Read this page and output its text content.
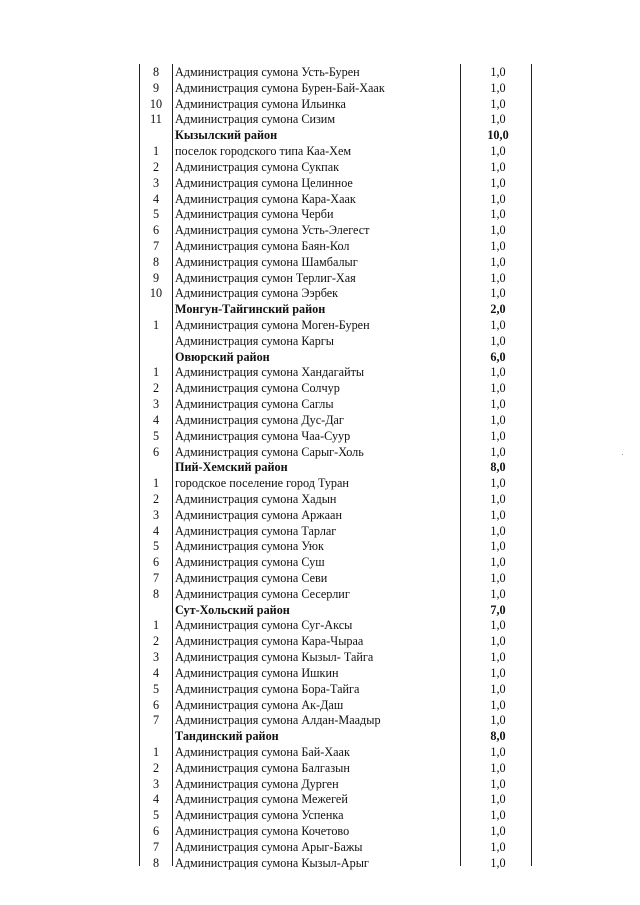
8	Администрация сумона Усть-Бурен	1,0
9	Администрация сумона Бурен-Бай-Хаак	1,0
10	Администрация сумона Ильинка	1,0
11	Администрация сумона Сизим	1,0
Кызылский район	10,0
1	поселок городского типа Каа-Хем	1,0
2	Администрация сумона Сукпак	1,0
3	Администрация сумона Целинное	1,0
4	Администрация сумона Кара-Хаак	1,0
5	Администрация сумона Черби	1,0
6	Администрация сумона Усть-Элегест	1,0
7	Администрация сумона Баян-Кол	1,0
8	Администрация сумона Шамбалыг	1,0
9	Администрация сумон Терлиг-Хая	1,0
10	Администрация сумона Ээрбек	1,0
Монгун-Тайгинский район	2,0
1	Администрация сумона Моген-Бурен	1,0
Администрация сумона Каргы	1,0
Овюрский район	6,0
1	Администрация сумона Хандагайты	1,0
2	Администрация сумона Солчур	1,0
3	Администрация сумона Саглы	1,0
4	Администрация сумона Дус-Даг	1,0
5	Администрация сумона Чаа-Суур	1,0
6	Администрация сумона Сарыг-Холь	1,0
Пий-Хемский район	8,0
1	городское поселение город Туран	1,0
2	Администрация сумона Хадын	1,0
3	Администрация сумона Аржаан	1,0
4	Администрация сумона Тарлаг	1,0
5	Администрация сумона Уюк	1,0
6	Администрация сумона Суш	1,0
7	Администрация сумона Севи	1,0
8	Администрация сумона Сесерлиг	1,0
Сут-Хольский район	7,0
1	Администрация сумона Суг-Аксы	1,0
2	Администрация сумона Кара-Чыраа	1,0
3	Администрация сумона Кызыл- Тайга	1,0
4	Администрация сумона Ишкин	1,0
5	Администрация сумона Бора-Тайга	1,0
6	Администрация сумона Ак-Даш	1,0
7	Администрация сумона Алдан-Маадыр	1,0
Тандинский район	8,0
1	Администрация сумона Бай-Хаак	1,0
2	Администрация сумона Балгазын	1,0
3	Администрация сумона Дурген	1,0
4	Администрация сумона Межегей	1,0
5	Администрация сумона Успенка	1,0
6	Администрация сумона Кочетово	1,0
7	Администрация сумона Арыг-Бажы	1,0
8	Администрация сумона Кызыл-Арыг	1,0
